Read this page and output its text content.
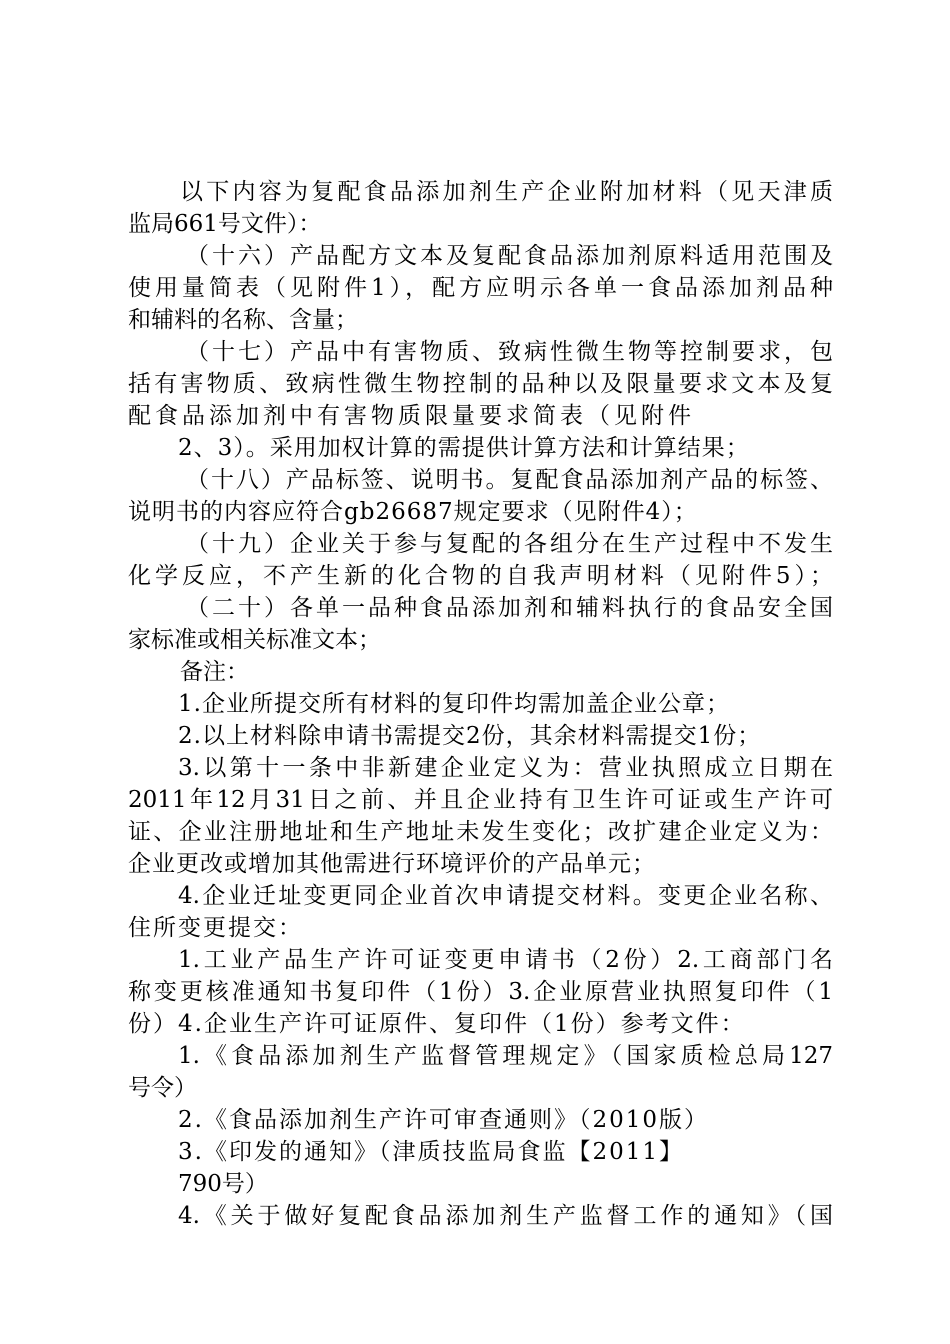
以下内容为复配食品添加剂生产企业附加材料（见天津质
监局661号文件）：
（十六）产品配方文本及复配食品添加剂原料适用范围及
使用量简表（见附件1），配方应明示各单一食品添加剂品种
和辅料的名称、含量；
（十七）产品中有害物质、致病性微生物等控制要求，包
括有害物质、致病性微生物控制的品种以及限量要求文本及复
配食品添加剂中有害物质限量要求简表（见附件
2、3）。采用加权计算的需提供计算方法和计算结果；
（十八）产品标签、说明书。复配食品添加剂产品的标签、
说明书的内容应符合gb26687规定要求（见附件4）；
（十九）企业关于参与复配的各组分在生产过程中不发生
化学反应，不产生新的化合物的自我声明材料（见附件5）；
（二十）各单一品种食品添加剂和辅料执行的食品安全国
家标准或相关标准文本；
备注：
1.企业所提交所有材料的复印件均需加盖企业公章；
2.以上材料除申请书需提交2份，其余材料需提交1份；
3.以第十一条中非新建企业定义为：营业执照成立日期在
2011年12月31日之前、并且企业持有卫生许可证或生产许可
证、企业注册地址和生产地址未发生变化；改扩建企业定义为：
企业更改或增加其他需进行环境评价的产品单元；
4.企业迁址变更同企业首次申请提交材料。变更企业名称、
住所变更提交：
1.工业产品生产许可证变更申请书（2份）2.工商部门名
称变更核准通知书复印件（1份）3.企业原营业执照复印件（1
份）4.企业生产许可证原件、复印件（1份）参考文件：
1.《食品添加剂生产监督管理规定》（国家质检总局127
号令）
2.《食品添加剂生产许可审查通则》（2010版）
3.《印发的通知》（津质技监局食监【2011】
790号）
4.《关于做好复配食品添加剂生产监督工作的通知》（国
